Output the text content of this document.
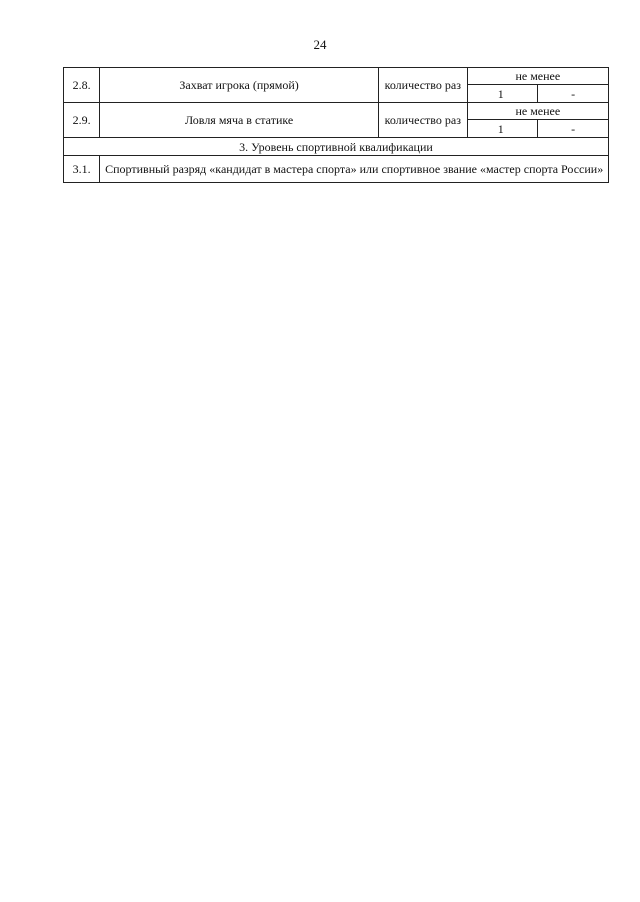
24
2.8.	Захват игрока (прямой)	количество раз	не менее	
			1	-
2.9.	Ловля мяча в статике	количество раз	не менее	
			1	-
3. Уровень спортивной квалификации				
3.1.	Спортивный разряд «кандидат в мастера спорта» или спортивное звание «мастер спорта России»			
